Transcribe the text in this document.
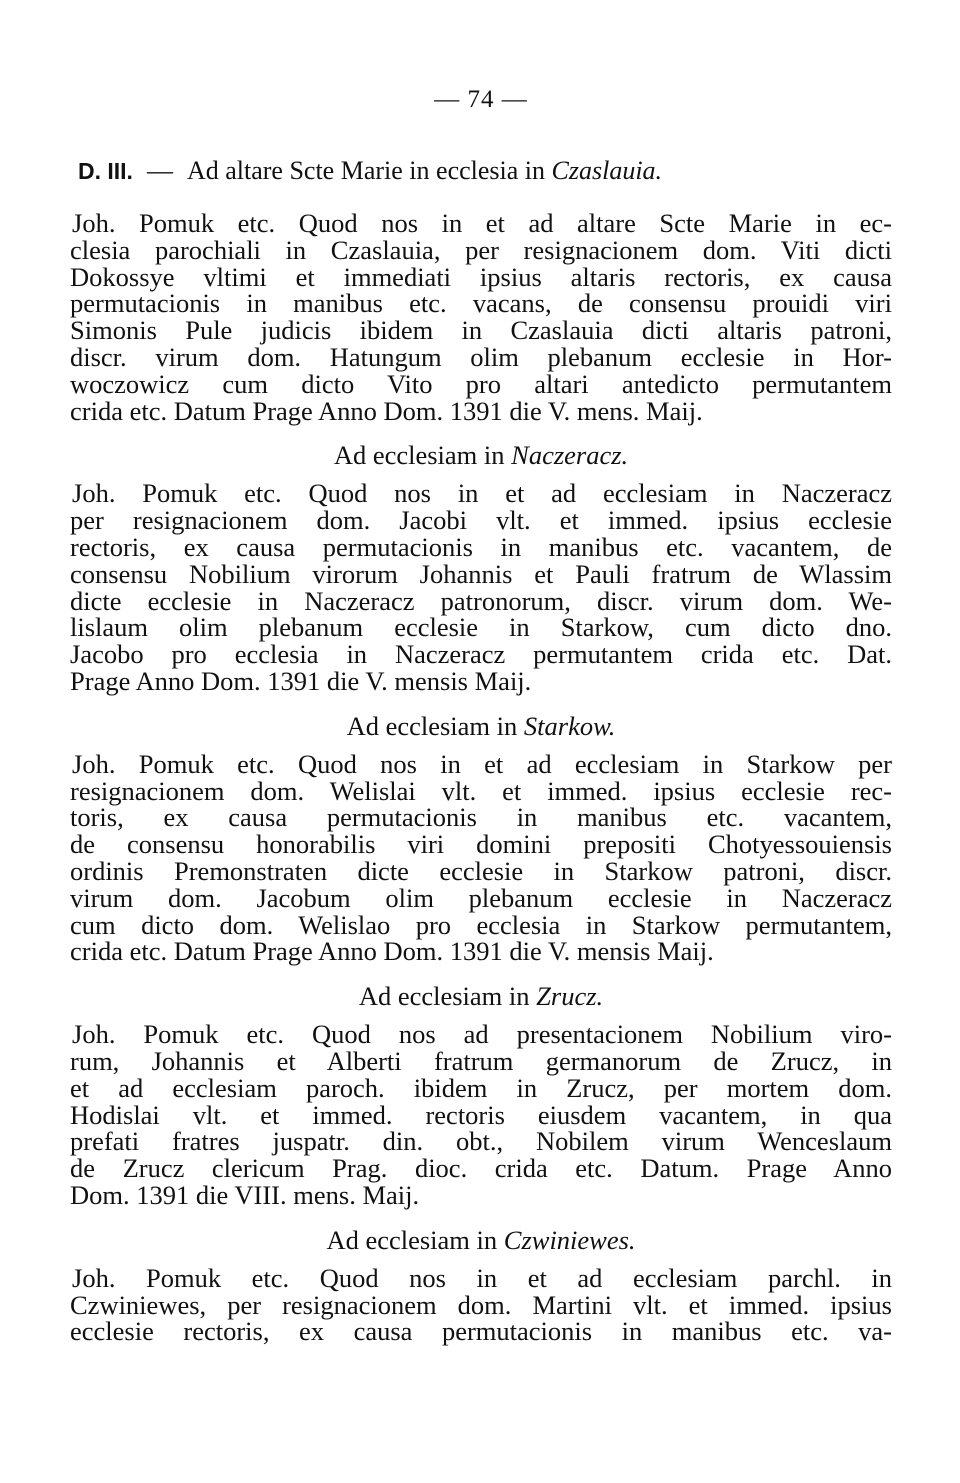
— 74 —
D. III. — Ad altare Scte Marie in ecclesia in Czaslauia.
Joh. Pomuk etc. Quod nos in et ad altare Scte Marie in ec-
clesia parochiali in Czaslauia, per resignacionem dom. Viti dicti
Dokossye vltimi et immediati ipsius altaris rectoris, ex causa
permutacionis in manibus etc. vacans, de consensu prouidi viri
Simonis Pule judicis ibidem in Czaslauia dicti altaris patroni,
discr. virum dom. Hatungum olim plebanum ecclesie in Hor-
woczowicz cum dicto Vito pro altari antedicto permutantem
crida etc. Datum Prage Anno Dom. 1391 die V. mens. Maij.
Ad ecclesiam in Naczeracz.
Joh. Pomuk etc. Quod nos in et ad ecclesiam in Naczeracz
per resignacionem dom. Jacobi vlt. et immed. ipsius ecclesie
rectoris, ex causa permutacionis in manibus etc. vacantem, de
consensu Nobilium virorum Johannis et Pauli fratrum de Wlassim
dicte ecclesie in Naczeracz patronorum, discr. virum dom. We-
lislaum olim plebanum ecclesie in Starkow, cum dicto dno.
Jacobo pro ecclesia in Naczeracz permutantem crida etc. Dat.
Prage Anno Dom. 1391 die V. mensis Maij.
Ad ecclesiam in Starkow.
Joh. Pomuk etc. Quod nos in et ad ecclesiam in Starkow per
resignacionem dom. Welislai vlt. et immed. ipsius ecclesie rec-
toris, ex causa permutacionis in manibus etc. vacantem,
de consensu honorabilis viri domini prepositi Chotyessouiensis
ordinis Premonstraten dicte ecclesie in Starkow patroni, discr.
virum dom. Jacobum olim plebanum ecclesie in Naczeracz
cum dicto dom. Welislao pro ecclesia in Starkow permutantem,
crida etc. Datum Prage Anno Dom. 1391 die V. mensis Maij.
Ad ecclesiam in Zrucz.
Joh. Pomuk etc. Quod nos ad presentacionem Nobilium viro-
rum, Johannis et Alberti fratrum germanorum de Zrucz, in
et ad ecclesiam paroch. ibidem in Zrucz, per mortem dom.
Hodislai vlt. et immed. rectoris eiusdem vacantem, in qua
prefati fratres juspatr. din. obt., Nobilem virum Wenceslaum
de Zrucz clericum Prag. dioc. crida etc. Datum. Prage Anno
Dom. 1391 die VIII. mens. Maij.
Ad ecclesiam in Czwiniewes.
Joh. Pomuk etc. Quod nos in et ad ecclesiam parchl. in
Czwiniewes, per resignacionem dom. Martini vlt. et immed. ipsius
ecclesie rectoris, ex causa permutacionis in manibus etc. va-
